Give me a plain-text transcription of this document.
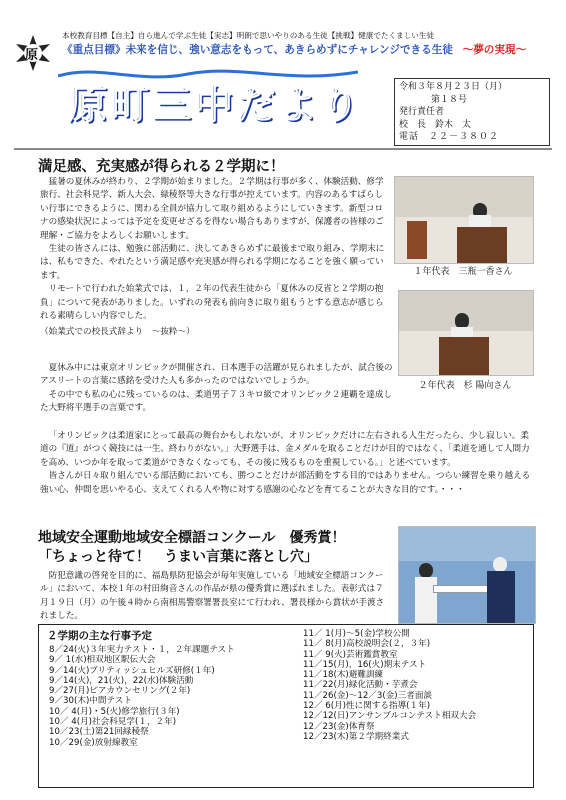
原
本校教育目標【自主】自ら進んで学ぶ生徒【実志】明朗で思いやりのある生徒【挑戦】健康でたくましい生徒
《重点目標》未来を信じ、強い意志をもって、あきらめずにチャレンジできる生徒 ～夢の実現～
原町三中だより	令和３年８月２３日（月）
第１８号
発行責任者
校　長　鈴木　太
電話　２２－３８０２
満足感、充実感が得られる２学期に！

猛暑の夏休みが終わり、２学期が始まりました。２学期は行事が多く、体験活動、修学旅行、社会科見学、新人大会、緑稜祭等大きな行事が控えています。内容のあるすばらしい行事にできるように、関わる全員が協力して取り組めるようにしていきます。新型コロナの感染状況によっては予定を変更せざるを得ない場合もありますが、保護者の皆様のご理解・ご協力をよろしくお願いします。

生徒の皆さんには、勉強に部活動に、決してあきらめずに最後まで取り組み、学期末には、私もできた、やれたという満足感や充実感が得られる学期になることを強く願っています。

リモートで行われた始業式では、１，２年の代表生徒から「夏休みの反省と２学期の抱負」について発表がありました。いずれの発表も前向きに取り組もうとする意志が感じられる素晴らしい内容でした。

（始業式での校長式辞より　～抜粋～）

１年代表　三瓶一香さん
２年代表　杉 陽向さん

夏休み中には東京オリンピックが開催され、日本選手の活躍が見られましたが、試合後のアスリートの言葉に感銘を受けた人も多かったのではないでしょうか。

その中でも私の心に残っているのは、柔道男子７３キロ級でオリンピック２連覇を達成した大野将平選手の言葉です。

「オリンピックは柔道家にとって最高の舞台かもしれないが、オリンピックだけに左右される人生だったら、少し寂しい。柔道の『道』がつく競技には一生、終わりがない。」大野選手は、金メダルを取ることだけが目的ではなく、「柔道を通して人間力を高め、いつか年を取って柔道ができなくなっても、その後に残るものを重視している。」と述べています。

皆さんが日々取り組んでいる部活動においても、勝つことだけが部活動をする目的ではありません。つらい練習を乗り越える強い心、仲間を思いやる心、支えてくれる人や物に対する感謝の心などを育てることが大きな目的です。・・・

地域安全運動地域安全標語コンクール　優秀賞！
「ちょっと待て！　うまい言葉に落とし穴」

防犯意識の啓発を目的に、福島県防犯協会が毎年実施している「地域安全標語コンクール」において、本校１年の村田絢音さんの作品が県の優秀賞に選ばれました。表彰式は７月１９日（月）の午後４時から南相馬警察署署長室にて行われ、署長様から賞状が手渡されました。

２学期の主な行事予定
8／24(火)３年実力テスト・１，２年課題テスト
9／ 1(水)相双地区駅伝大会
9／14(火)ブリティッシュヒルズ研修(１年)
9／14(火)，21(火)，22(水)体験活動
9／27(月)ピアカウンセリング(２年)
9／30(木)中間テスト
10／ 4(月)・5(火)修学旅行(３年)
10／ 4(月)社会科見学(１，２年)
10／23(土)第21回緑稜祭
10／29(金)放射線教室
11／ 1(月)～5(金)学校公開
11／ 8(月)高校説明会(２，３年)
11／ 9(火)芸術鑑賞教室
11／15(月)，16(火)期末テスト
11／18(木)避難訓練
11／22(月)緑化活動・芋煮会
11／26(金)～12／3(金)三者面談
12／ 6(月)性に関する指導(１年)
12／12(日)アンサンブルコンテスト相双大会
12／23(金)体育祭
12／23(木)第２学期終業式
